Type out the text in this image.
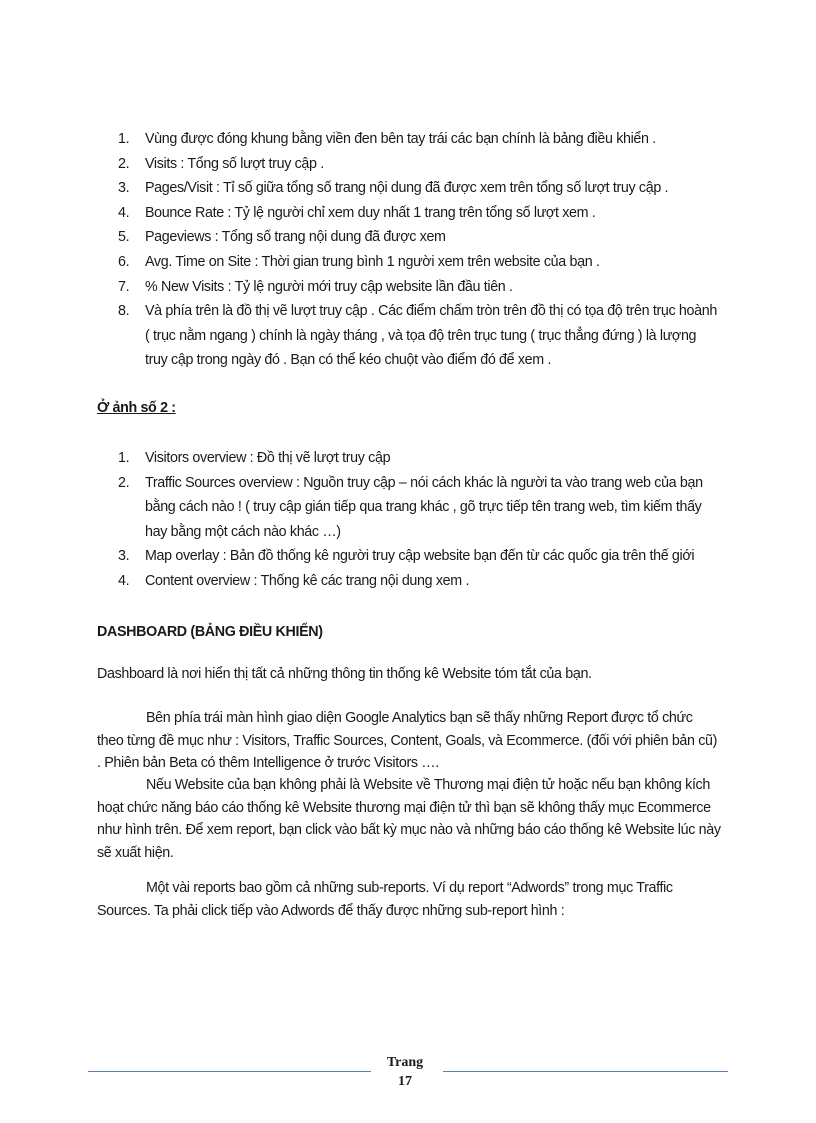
1. Vùng được đóng khung bằng viền đen bên tay trái các bạn chính là bảng điều khiển .
2. Visits : Tổng số lượt truy cập .
3. Pages/Visit : Tỉ số giữa tổng số trang nội dung đã được xem trên tổng số lượt truy cập .
4. Bounce Rate : Tỷ lệ người chỉ xem duy nhất 1 trang trên tổng số lượt xem .
5. Pageviews : Tổng số trang nội dung đã được xem
6. Avg. Time on Site : Thời gian trung bình 1 người xem trên website của bạn .
7. % New Visits : Tỷ lệ người mới truy cập website lần đầu tiên .
8. Và phía trên là đồ thị vẽ lượt truy cập . Các điểm chấm tròn trên đồ thị có tọa độ trên trục hoành ( trục nằm ngang ) chính là ngày tháng , và tọa độ trên trục tung ( trục thẳng đứng ) là lượng truy cập trong ngày đó . Bạn có thể kéo chuột vào điểm đó để xem .
Ở ảnh số 2 :
1. Visitors overview : Đồ thị vẽ lượt truy cập
2. Traffic Sources overview : Nguồn truy cập – nói cách khác là người ta vào trang web của bạn bằng cách nào ! ( truy cập gián tiếp qua trang khác , gõ trực tiếp tên trang web, tìm kiếm thấy hay bằng một cách nào khác …)
3. Map overlay : Bản đồ thống kê người truy cập website bạn đến từ các quốc gia trên thế giới
4. Content overview : Thống kê các trang nội dung xem .
DASHBOARD (BẢNG ĐIỀU KHIỂN)

Dashboard là nơi hiển thị tất cả những thông tin thống kê Website tóm tắt của bạn.

Bên phía trái màn hình giao diện Google Analytics bạn sẽ thấy những Report được tổ chức theo từng đề mục như : Visitors, Traffic Sources, Content, Goals, và Ecommerce. (đối với phiên bản cũ) . Phiên bản Beta có thêm Intelligence ở trước Visitors ….

Nếu Website của bạn không phải là Website về Thương mại điện tử hoặc nếu bạn không kích hoạt chức năng báo cáo thống kê Website thương mại điện tử thì bạn sẽ không thấy mục Ecommerce như hình trên. Để xem report, bạn click vào bất kỳ mục nào và những báo cáo thống kê Website lúc này sẽ xuất hiện.

Một vài reports bao gồm cả những sub-reports. Ví dụ report “Adwords” trong mục Traffic Sources. Ta phải click tiếp vào Adwords để thấy được những sub-report hình :

Trang
17
